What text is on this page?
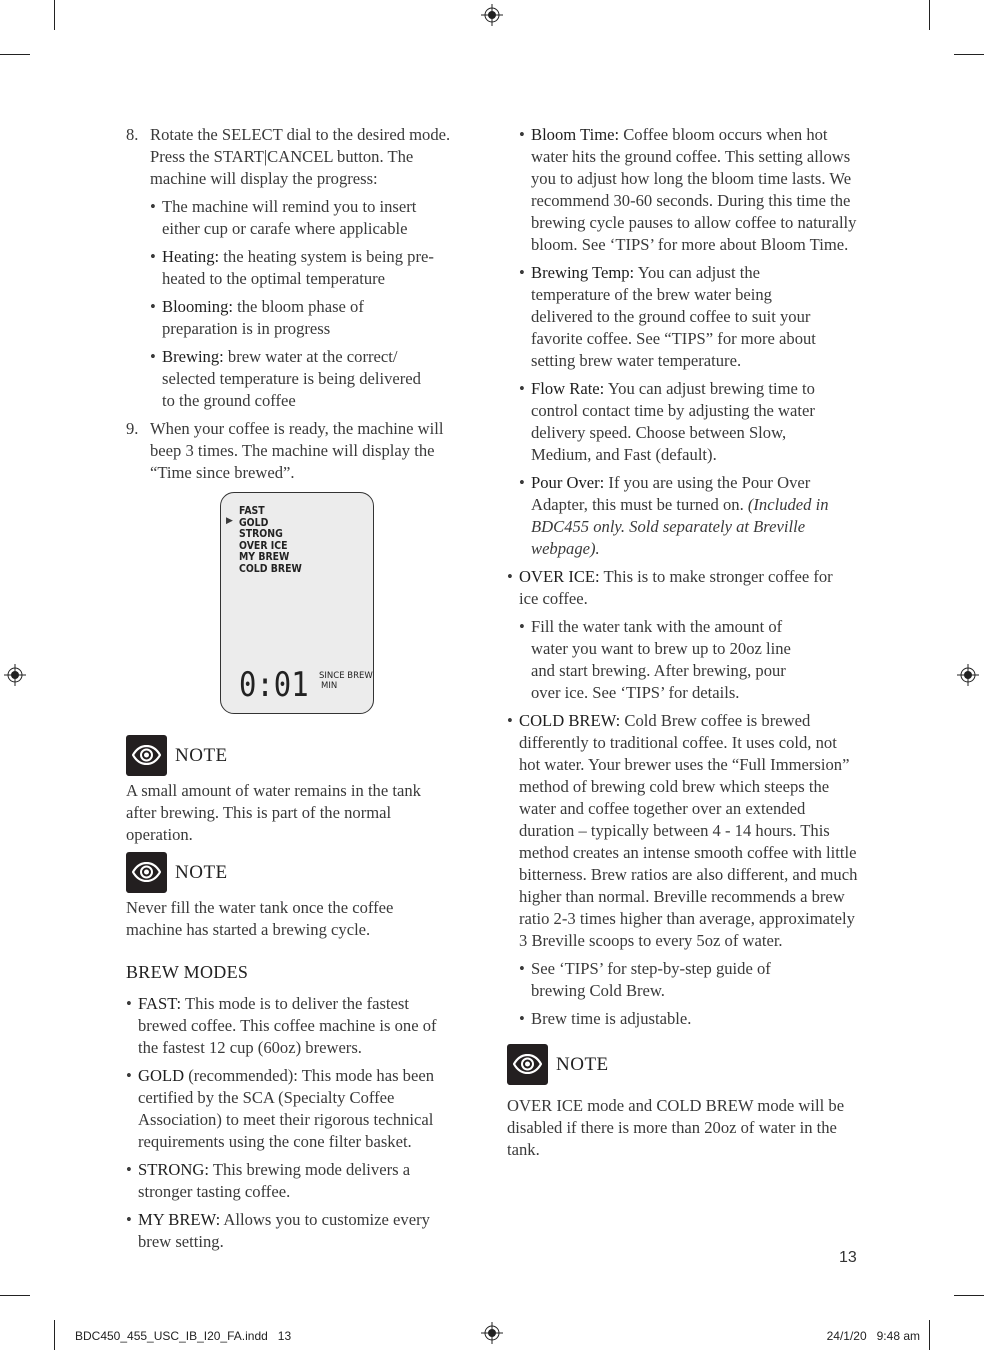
8. Rotate the SELECT dial to the desired mode. Press the START|CANCEL button. The machine will display the progress:
• The machine will remind you to insert either cup or carafe where applicable
• Heating: the heating system is being pre-heated to the optimal temperature
• Blooming: the bloom phase of preparation is in progress
• Brewing: brew water at the correct/ selected temperature is being delivered to the ground coffee
9. When your coffee is ready, the machine will beep 3 times. The machine will display the “Time since brewed”.
▶
FAST
GOLD
STRONG
OVER ICE
MY BREW
COLD BREW
0:01 SINCE BREW
MIN
NOTE
A small amount of water remains in the tank after brewing. This is part of the normal operation.
NOTE
Never fill the water tank once the coffee machine has started a brewing cycle.
BREW MODES
• FAST: This mode is to deliver the fastest brewed coffee. This coffee machine is one of the fastest 12 cup (60oz) brewers.
• GOLD (recommended): This mode has been certified by the SCA (Specialty Coffee Association) to meet their rigorous technical requirements using the cone filter basket.
• STRONG: This brewing mode delivers a stronger tasting coffee.
• MY BREW: Allows you to customize every brew setting.
• Bloom Time: Coffee bloom occurs when hot water hits the ground coffee. This setting allows you to adjust how long the bloom time lasts. We recommend 30-60 seconds. During this time the brewing cycle pauses to allow coffee to naturally bloom. See ‘TIPS’ for more about Bloom Time.
• Brewing Temp: You can adjust the temperature of the brew water being delivered to the ground coffee to suit your favorite coffee. See “TIPS” for more about setting brew water temperature.
• Flow Rate: You can adjust brewing time to control contact time by adjusting the water delivery speed. Choose between Slow, Medium, and Fast (default).
• Pour Over: If you are using the Pour Over Adapter, this must be turned on. (Included in BDC455 only. Sold separately at Breville webpage).
• OVER ICE: This is to make stronger coffee for ice coffee.
• Fill the water tank with the amount of water you want to brew up to 20oz line and start brewing. After brewing, pour over ice. See ‘TIPS’ for details.
• COLD BREW: Cold Brew coffee is brewed differently to traditional coffee. It uses cold, not hot water. Your brewer uses the “Full Immersion” method of brewing cold brew which steeps the water and coffee together over an extended duration – typically between 4 - 14 hours. This method creates an intense smooth coffee with little bitterness. Brew ratios are also different, and much higher than normal. Breville recommends a brew ratio 2-3 times higher than average, approximately 3 Breville scoops to every 5oz of water.
• See ‘TIPS’ for step-by-step guide of brewing Cold Brew.
• Brew time is adjustable.
NOTE
OVER ICE mode and COLD BREW mode will be disabled if there is more than 20oz of water in the tank.
13
BDC450_455_USC_IB_I20_FA.indd   13	24/1/20   9:48 am
